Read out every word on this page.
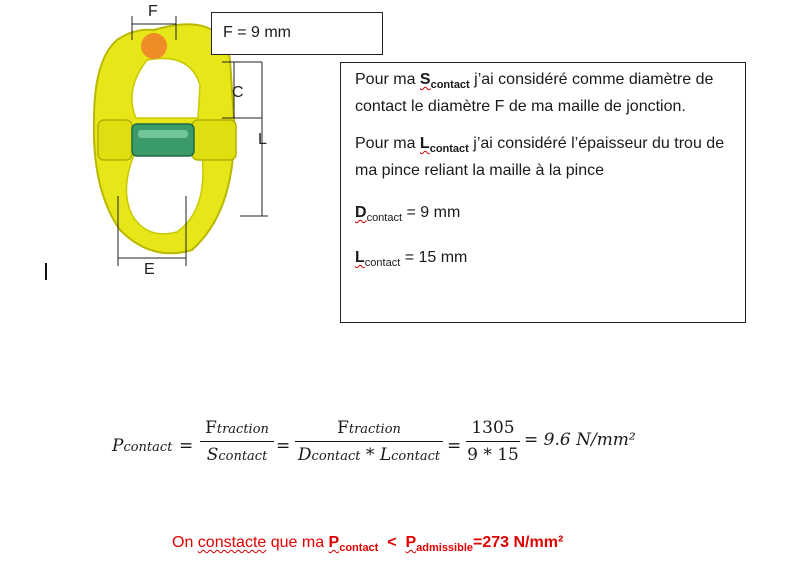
F
C
L
E
F = 9 mm

Pour ma $S_{contact}$ j’ai considéré comme diamètre de contact le diamètre F de ma maille de jonction.

Pour ma $L_{contact}$ j’ai considéré l’épaisseur du trou de ma pince reliant la maille à la pince

$D_{contact} = 9$ mm

$L_{contact} = 15$ mm

Pcontact =
Ftraction
Scontact
=
Ftraction
Dcontact * Lcontact
=
1305
9 * 15
= 9.6 N/mm²
On constacte que ma $P_{contact} < P_{admissible}=273$ N/mm²
